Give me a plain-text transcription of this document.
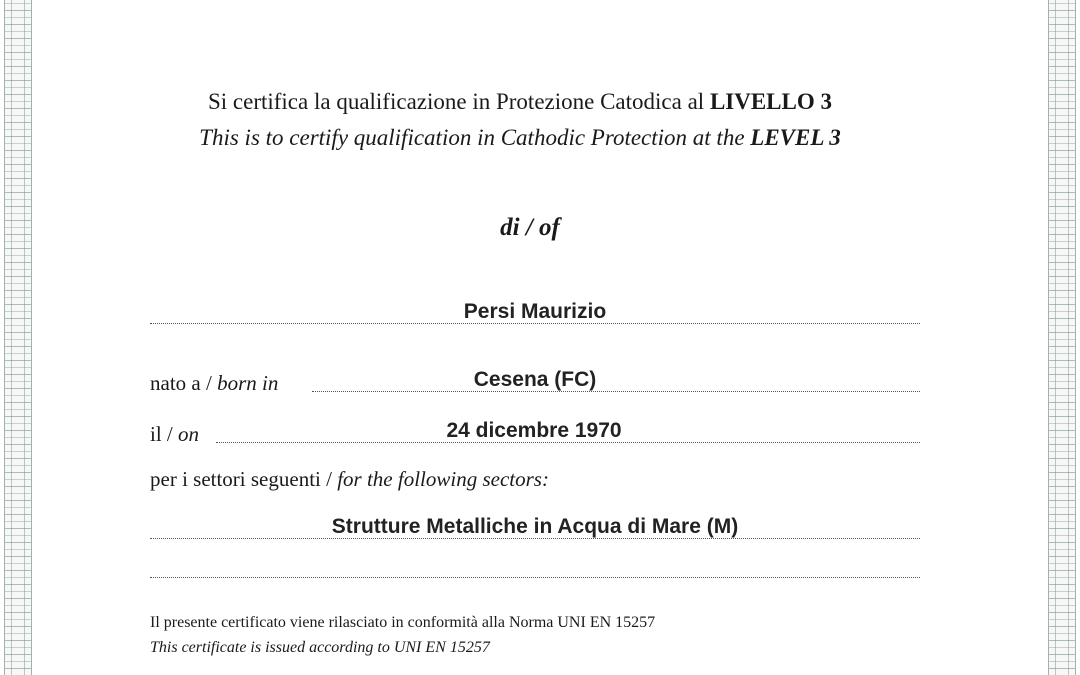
Si certifica la qualificazione in Protezione Catodica al LIVELLO 3
This is to certify qualification in Cathodic Protection at the LEVEL 3
di / of
Persi Maurizio
nato a / born in	Cesena (FC)
il / on	24 dicembre 1970
per i settori seguenti / for the following sectors:
Strutture Metalliche in Acqua di Mare (M)
Il presente certificato viene rilasciato in conformità alla Norma UNI EN 15257
This certificate is issued according to UNI EN 15257
